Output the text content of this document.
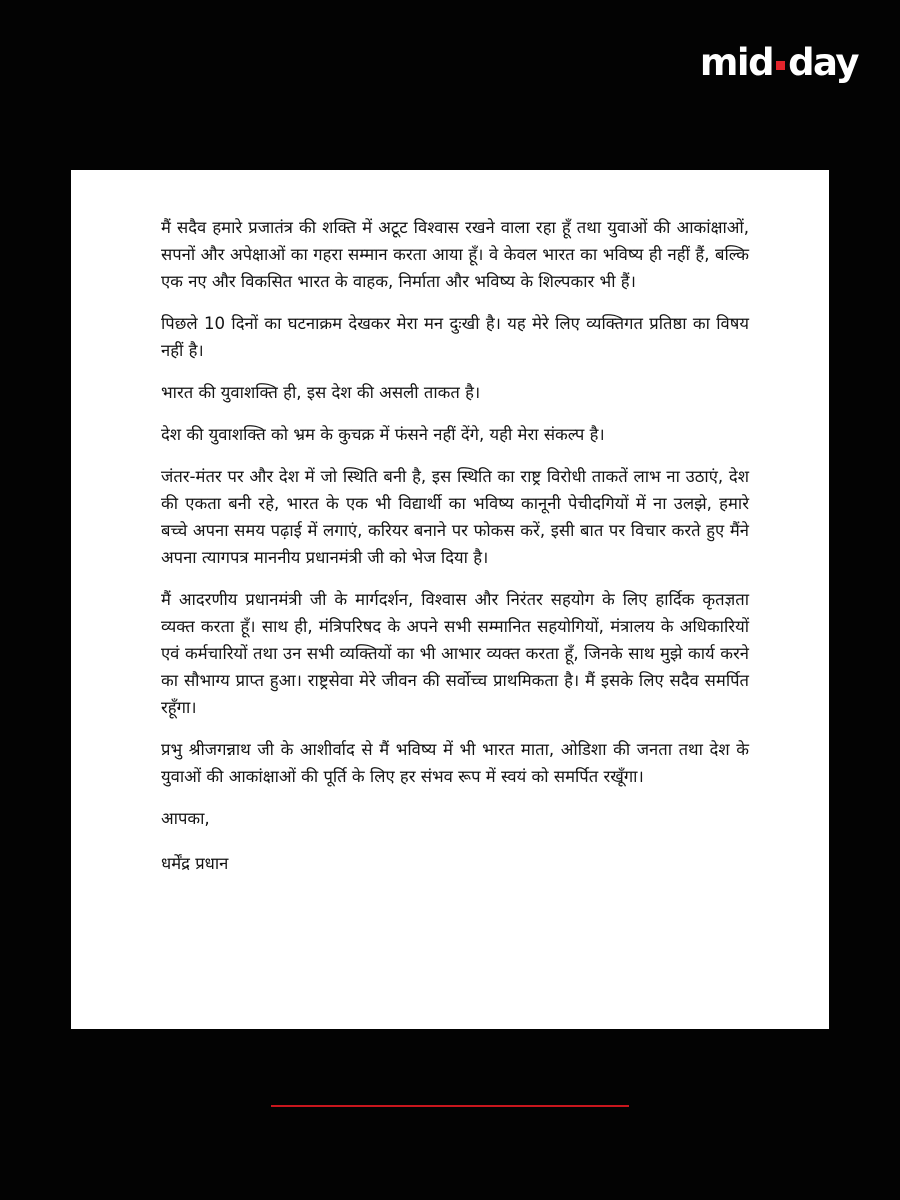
mid day

मैं सदैव हमारे प्रजातंत्र की शक्ति में अटूट विश्वास रखने वाला रहा हूँ तथा युवाओं की आकांक्षाओं, सपनों और अपेक्षाओं का गहरा सम्मान करता आया हूँ। वे केवल भारत का भविष्य ही नहीं हैं, बल्कि एक नए और विकसित भारत के वाहक, निर्माता और भविष्य के शिल्पकार भी हैं।

पिछले 10 दिनों का घटनाक्रम देखकर मेरा मन दुःखी है। यह मेरे लिए व्यक्तिगत प्रतिष्ठा का विषय नहीं है।

भारत की युवाशक्ति ही, इस देश की असली ताकत है।

देश की युवाशक्ति को भ्रम के कुचक्र में फंसने नहीं देंगे, यही मेरा संकल्प है।

जंतर-मंतर पर और देश में जो स्थिति बनी है, इस स्थिति का राष्ट्र विरोधी ताकतें लाभ ना उठाएं, देश की एकता बनी रहे, भारत के एक भी विद्यार्थी का भविष्य कानूनी पेचीदगियों में ना उलझे, हमारे बच्चे अपना समय पढ़ाई में लगाएं, करियर बनाने पर फोकस करें, इसी बात पर विचार करते हुए मैंने अपना त्यागपत्र माननीय प्रधानमंत्री जी को भेज दिया है।

मैं आदरणीय प्रधानमंत्री जी के मार्गदर्शन, विश्वास और निरंतर सहयोग के लिए हार्दिक कृतज्ञता व्यक्त करता हूँ। साथ ही, मंत्रिपरिषद के अपने सभी सम्मानित सहयोगियों, मंत्रालय के अधिकारियों एवं कर्मचारियों तथा उन सभी व्यक्तियों का भी आभार व्यक्त करता हूँ, जिनके साथ मुझे कार्य करने का सौभाग्य प्राप्त हुआ। राष्ट्रसेवा मेरे जीवन की सर्वोच्च प्राथमिकता है। मैं इसके लिए सदैव समर्पित रहूँगा।

प्रभु श्रीजगन्नाथ जी के आशीर्वाद से मैं भविष्य में भी भारत माता, ओडिशा की जनता तथा देश के युवाओं की आकांक्षाओं की पूर्ति के लिए हर संभव रूप में स्वयं को समर्पित रखूँगा।

आपका,

धर्मेंद्र प्रधान
